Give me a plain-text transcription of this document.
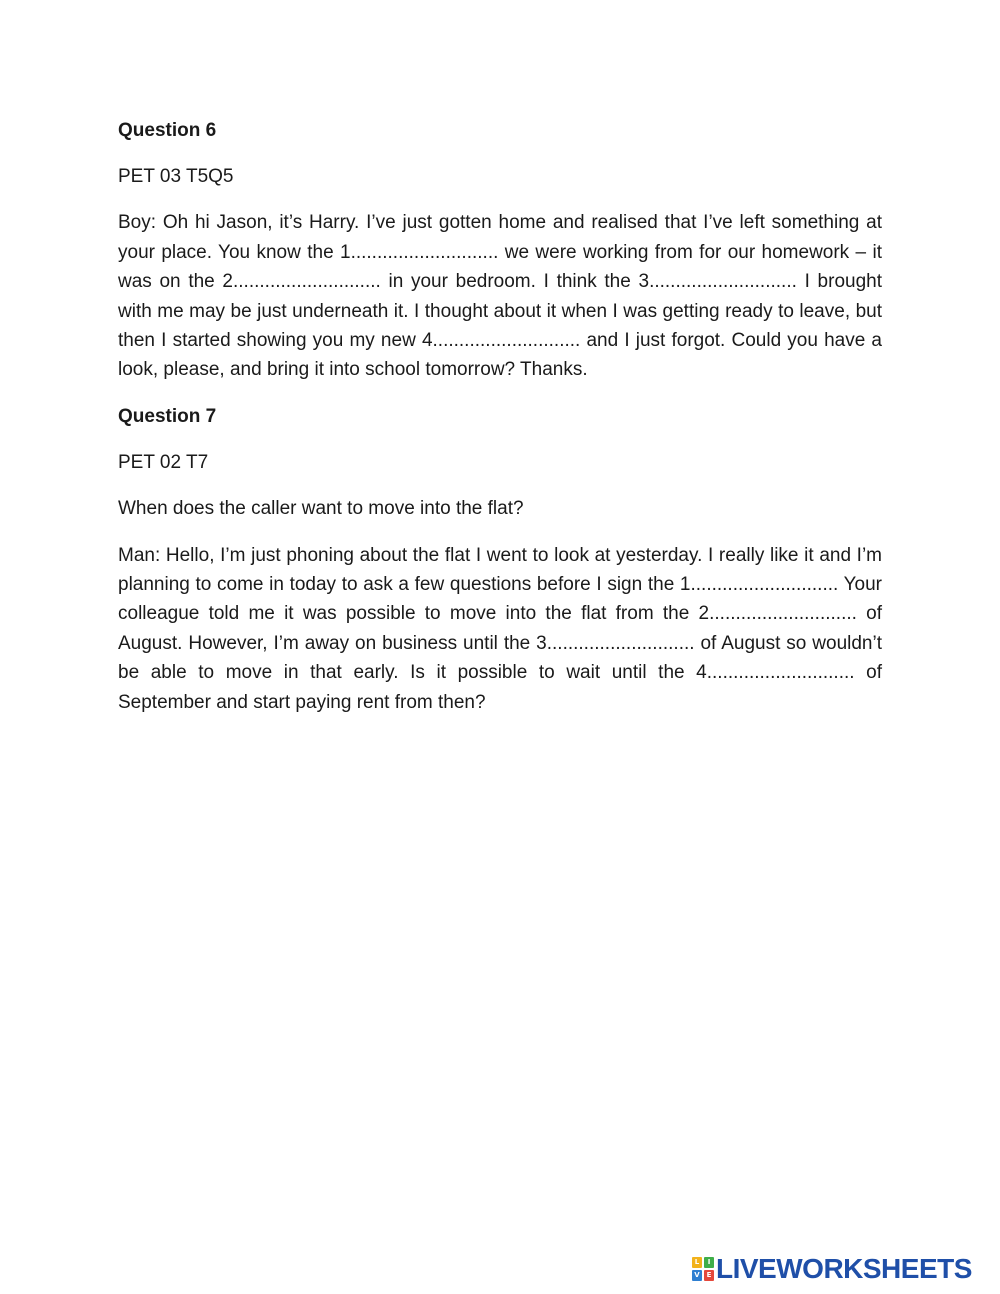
Question 6
PET 03 T5Q5
Boy: Oh hi Jason, it’s Harry. I’ve just gotten home and realised that I’ve left something at your place. You know the 1............................ we were working from for our homework – it was on the 2............................ in your bedroom. I think the 3............................ I brought with me may be just underneath it. I thought about it when I was getting ready to leave, but then I started showing you my new 4............................ and I just forgot. Could you have a look, please, and bring it into school tomorrow? Thanks.
Question 7
PET 02 T7
When does the caller want to move into the flat?
Man: Hello, I’m just phoning about the flat I went to look at yesterday. I really like it and I’m planning to come in today to ask a few questions before I sign the 1............................ Your colleague told me it was possible to move into the flat from the 2............................ of August. However, I’m away on business until the 3............................ of August so wouldn’t be able to move in that early. Is it possible to wait until the 4............................ of September and start paying rent from then?
L	I
V E LIVEWORKSHEETS
